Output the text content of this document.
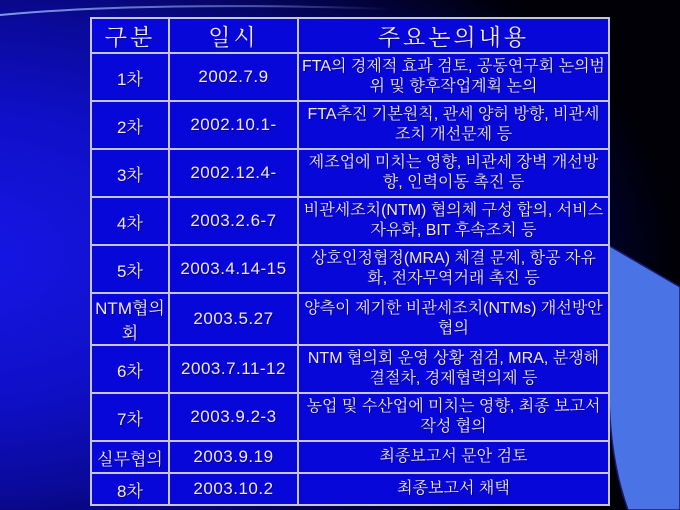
구분	일시	주요논의내용
1차	2002.7.9	FTA의 경제적 효과 검토, 공동연구회 논의범위 및 향후작업계획 논의
2차	2002.10.1-	FTA추진 기본원칙, 관세 양허 방향, 비관세조치 개선문제 등
3차	2002.12.4-	제조업에 미치는 영향, 비관세 장벽 개선방향, 인력이동 촉진 등
4차	2003.2.6-7	비관세조치(NTM) 협의체 구성 합의, 서비스 자유화, BIT 후속조치 등
5차	2003.4.14-15	상호인정협정(MRA) 체결 문제, 항공 자유화, 전자무역거래 촉진 등
NTM협의회	2003.5.27	양측이 제기한 비관세조치(NTMs) 개선방안 협의
6차	2003.7.11-12	NTM 협의회 운영 상황 점검, MRA, 분쟁해결절차, 경제협력의제 등
7차	2003.9.2-3	농업 및 수산업에 미치는 영향, 최종 보고서 작성 협의
실무협의	2003.9.19	최종보고서 문안 검토
8차	2003.10.2	최종보고서 채택
